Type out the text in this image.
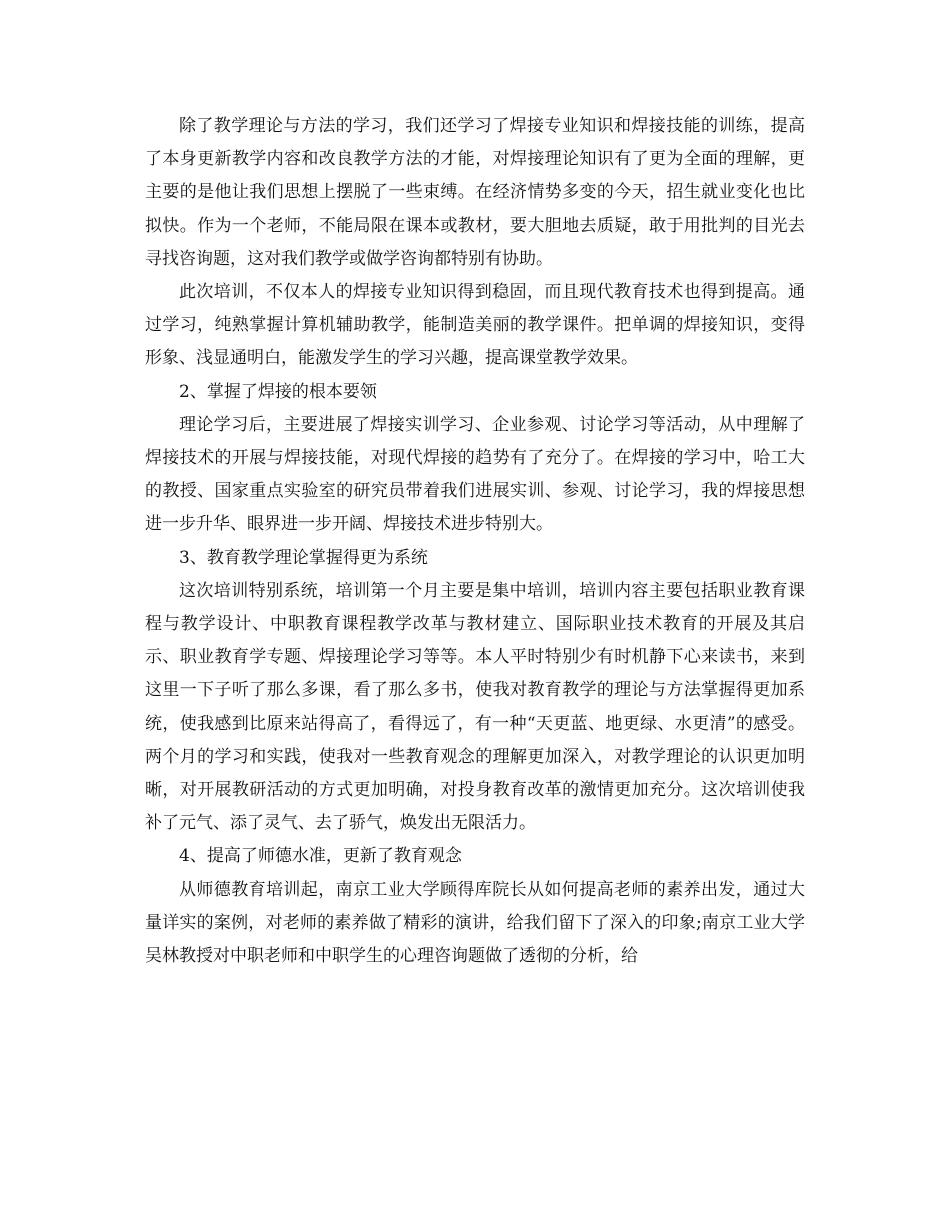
除了教学理论与方法的学习，我们还学习了焊接专业知识和焊接技能的训练，提高了本身更新教学内容和改良教学方法的才能，对焊接理论知识有了更为全面的理解，更主要的是他让我们思想上摆脱了一些束缚。在经济情势多变的今天，招生就业变化也比拟快。作为一个老师，不能局限在课本或教材，要大胆地去质疑，敢于用批判的目光去寻找咨询题，这对我们教学或做学咨询都特别有协助。

此次培训，不仅本人的焊接专业知识得到稳固，而且现代教育技术也得到提高。通过学习，纯熟掌握计算机辅助教学，能制造美丽的教学课件。把单调的焊接知识，变得形象、浅显通明白，能激发学生的学习兴趣，提高课堂教学效果。

2、掌握了焊接的根本要领

理论学习后，主要进展了焊接实训学习、企业参观、讨论学习等活动，从中理解了焊接技术的开展与焊接技能，对现代焊接的趋势有了充分了。在焊接的学习中，哈工大的教授、国家重点实验室的研究员带着我们进展实训、参观、讨论学习，我的焊接思想进一步升华、眼界进一步开阔、焊接技术进步特别大。

3、教育教学理论掌握得更为系统

这次培训特别系统，培训第一个月主要是集中培训，培训内容主要包括职业教育课程与教学设计、中职教育课程教学改革与教材建立、国际职业技术教育的开展及其启示、职业教育学专题、焊接理论学习等等。本人平时特别少有时机静下心来读书，来到这里一下子听了那么多课，看了那么多书，使我对教育教学的理论与方法掌握得更加系统，使我感到比原来站得高了，看得远了，有一种“天更蓝、地更绿、水更清”的感受。两个月的学习和实践，使我对一些教育观念的理解更加深入，对教学理论的认识更加明晰，对开展教研活动的方式更加明确，对投身教育改革的激情更加充分。这次培训使我补了元气、添了灵气、去了骄气，焕发出无限活力。

4、提高了师德水准，更新了教育观念

从师德教育培训起，南京工业大学顾得库院长从如何提高老师的素养出发，通过大量详实的案例，对老师的素养做了精彩的演讲，给我们留下了深入的印象;南京工业大学吴林教授对中职老师和中职学生的心理咨询题做了透彻的分析，给
